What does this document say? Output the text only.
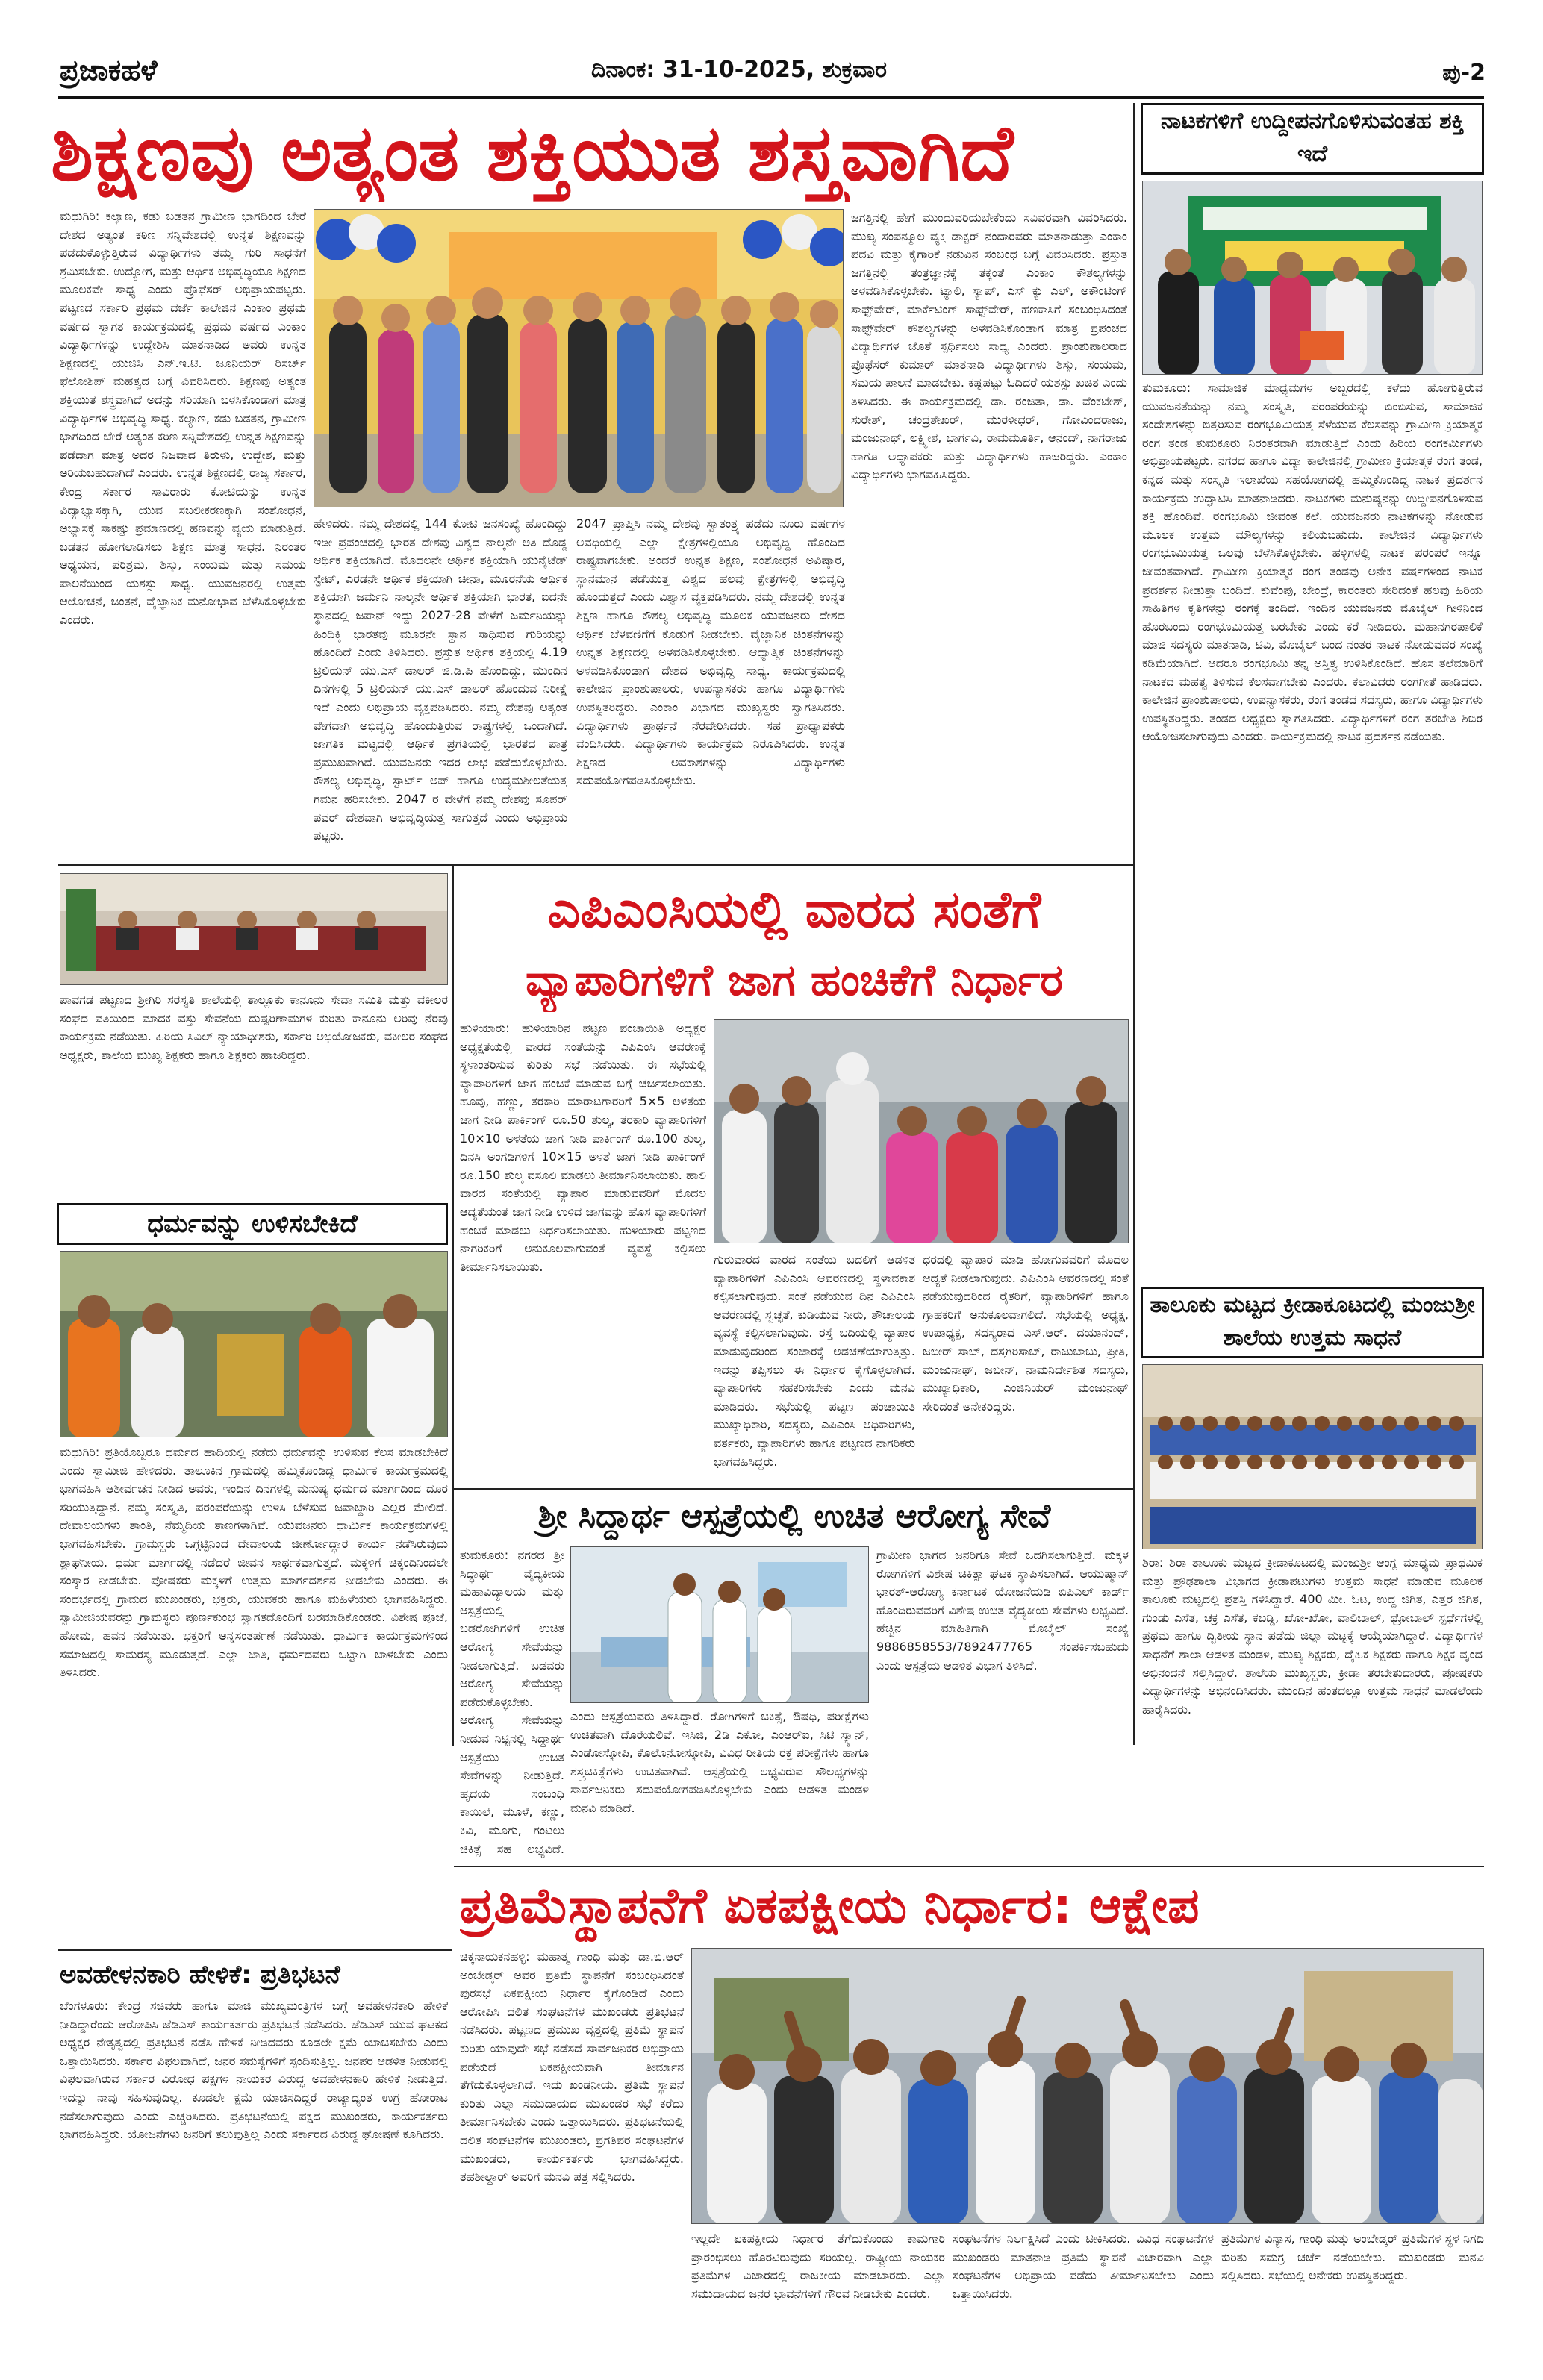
ಪ್ರಜಾಕಹಳೆ	ದಿನಾಂಕ: 31-10-2025, ಶುಕ್ರವಾರ	ಪು-2
ಶಿಕ್ಷಣವು ಅತ್ಯಂತ ಶಕ್ತಿಯುತ ಶಸ್ತ್ರವಾಗಿದೆ
ಮಧುಗಿರಿ: ಕಲ್ಯಾಣ, ಕಡು ಬಡತನ ಗ್ರಾಮೀಣ ಭಾಗದಿಂದ ಬೇರೆ ದೇಶದ ಅತ್ಯಂತ ಕಠಿಣ ಸನ್ನಿವೇಶದಲ್ಲಿ ಉನ್ನತ ಶಿಕ್ಷಣವನ್ನು ಪಡೆದುಕೊಳ್ಳುತ್ತಿರುವ ವಿದ್ಯಾರ್ಥಿಗಳು ತಮ್ಮ ಗುರಿ ಸಾಧನೆಗೆ ಶ್ರಮಿಸಬೇಕು. ಉದ್ಯೋಗ, ಮತ್ತು ಆರ್ಥಿಕ ಅಭಿವೃದ್ಧಿಯೂ ಶಿಕ್ಷಣದ ಮೂಲಕವೇ ಸಾಧ್ಯ ಎಂದು ಪ್ರೊಫೆಸರ್ ಅಭಿಪ್ರಾಯಪಟ್ಟರು. ಪಟ್ಟಣದ ಸರ್ಕಾರಿ ಪ್ರಥಮ ದರ್ಜೆ ಕಾಲೇಜಿನ ಎಂಕಾಂ ಪ್ರಥಮ ವರ್ಷದ ಸ್ವಾಗತ ಕಾರ್ಯಕ್ರಮದಲ್ಲಿ ಪ್ರಥಮ ವರ್ಷದ ಎಂಕಾಂ ವಿದ್ಯಾರ್ಥಿಗಳನ್ನು ಉದ್ದೇಶಿಸಿ ಮಾತನಾಡಿದ ಅವರು ಉನ್ನತ ಶಿಕ್ಷಣದಲ್ಲಿ ಯುಜಿಸಿ ಎನ್.ಇ.ಟಿ. ಜೂನಿಯರ್ ರಿಸರ್ಚ್ ಫೆಲೋಶಿಪ್ ಮಹತ್ವದ ಬಗ್ಗೆ ವಿವರಿಸಿದರು. ಶಿಕ್ಷಣವು ಅತ್ಯಂತ ಶಕ್ತಿಯುತ ಶಸ್ತ್ರವಾಗಿದೆ ಅದನ್ನು ಸರಿಯಾಗಿ ಬಳಸಿಕೊಂಡಾಗ ಮಾತ್ರ ವಿದ್ಯಾರ್ಥಿಗಳ ಅಭಿವೃದ್ಧಿ ಸಾಧ್ಯ. ಕಲ್ಯಾಣ, ಕಡು ಬಡತನ, ಗ್ರಾಮೀಣ ಭಾಗದಿಂದ ಬೇರೆ ಅತ್ಯಂತ ಕಠಿಣ ಸನ್ನಿವೇಶದಲ್ಲಿ ಉನ್ನತ ಶಿಕ್ಷಣವನ್ನು ಪಡೆದಾಗ ಮಾತ್ರ ಅದರ ನಿಜವಾದ ತಿರುಳು, ಉದ್ದೇಶ, ಮತ್ತು ಅರಿಯಬಹುದಾಗಿದೆ ಎಂದರು. ಉನ್ನತ ಶಿಕ್ಷಣದಲ್ಲಿ ರಾಜ್ಯ ಸರ್ಕಾರ, ಕೇಂದ್ರ ಸರ್ಕಾರ ಸಾವಿರಾರು ಕೋಟಿಯನ್ನು ಉನ್ನತ ವಿದ್ಯಾಭ್ಯಾಸಕ್ಕಾಗಿ, ಯುವ ಸಬಲೀಕರಣಕ್ಕಾಗಿ ಸಂಶೋಧನೆ, ಅಭ್ಯಾಸಕ್ಕೆ ಸಾಕಷ್ಟು ಪ್ರಮಾಣದಲ್ಲಿ ಹಣವನ್ನು ವ್ಯಯ ಮಾಡುತ್ತಿದೆ. ಬಡತನ ಹೋಗಲಾಡಿಸಲು ಶಿಕ್ಷಣ ಮಾತ್ರ ಸಾಧನ. ನಿರಂತರ ಅಧ್ಯಯನ, ಪರಿಶ್ರಮ, ಶಿಸ್ತು, ಸಂಯಮ ಮತ್ತು ಸಮಯ ಪಾಲನೆಯಿಂದ ಯಶಸ್ಸು ಸಾಧ್ಯ. ಯುವಜನರಲ್ಲಿ ಉತ್ತಮ ಆಲೋಚನೆ, ಚಿಂತನೆ, ವೈಜ್ಞಾನಿಕ ಮನೋಭಾವ ಬೆಳೆಸಿಕೊಳ್ಳಬೇಕು ಎಂದರು.
ಹೇಳಿದರು. ನಮ್ಮ ದೇಶದಲ್ಲಿ 144 ಕೋಟಿ ಜನಸಂಖ್ಯೆ ಹೊಂದಿದ್ದು ಇಡೀ ಪ್ರಪಂಚದಲ್ಲಿ ಭಾರತ ದೇಶವು ವಿಶ್ವದ ನಾಲ್ಕನೇ ಅತಿ ದೊಡ್ಡ ಆರ್ಥಿಕ ಶಕ್ತಿಯಾಗಿದೆ. ಮೊದಲನೇ ಆರ್ಥಿಕ ಶಕ್ತಿಯಾಗಿ ಯುನೈಟೆಡ್ ಸ್ಟೇಟ್, ಎರಡನೇ ಆರ್ಥಿಕ ಶಕ್ತಿಯಾಗಿ ಚೀನಾ, ಮೂರನೆಯ ಆರ್ಥಿಕ ಶಕ್ತಿಯಾಗಿ ಜರ್ಮನಿ ನಾಲ್ಕನೇ ಆರ್ಥಿಕ ಶಕ್ತಿಯಾಗಿ ಭಾರತ, ಐದನೇ ಸ್ಥಾನದಲ್ಲಿ ಜಪಾನ್ ಇದ್ದು 2027-28 ವೇಳೆಗೆ ಜರ್ಮನಿಯನ್ನು ಹಿಂದಿಕ್ಕಿ ಭಾರತವು ಮೂರನೇ ಸ್ಥಾನ ಸಾಧಿಸುವ ಗುರಿಯನ್ನು ಹೊಂದಿದೆ ಎಂದು ತಿಳಿಸಿದರು. ಪ್ರಸ್ತುತ ಆರ್ಥಿಕ ಶಕ್ತಿಯಲ್ಲಿ 4.19 ಟ್ರಿಲಿಯನ್ ಯು.ಎಸ್ ಡಾಲರ್ ಜಿ.ಡಿ.ಪಿ ಹೊಂದಿದ್ದು, ಮುಂದಿನ ದಿನಗಳಲ್ಲಿ 5 ಟ್ರಿಲಿಯನ್ ಯು.ಎಸ್ ಡಾಲರ್ ಹೊಂದುವ ನಿರೀಕ್ಷೆ ಇದೆ ಎಂದು ಅಭಿಪ್ರಾಯ ವ್ಯಕ್ತಪಡಿಸಿದರು. ನಮ್ಮ ದೇಶವು ಅತ್ಯಂತ ವೇಗವಾಗಿ ಅಭಿವೃದ್ಧಿ ಹೊಂದುತ್ತಿರುವ ರಾಷ್ಟ್ರಗಳಲ್ಲಿ ಒಂದಾಗಿದೆ. ಜಾಗತಿಕ ಮಟ್ಟದಲ್ಲಿ ಆರ್ಥಿಕ ಪ್ರಗತಿಯಲ್ಲಿ ಭಾರತದ ಪಾತ್ರ ಪ್ರಮುಖವಾಗಿದೆ. ಯುವಜನರು ಇದರ ಲಾಭ ಪಡೆದುಕೊಳ್ಳಬೇಕು. ಕೌಶಲ್ಯ ಅಭಿವೃದ್ಧಿ, ಸ್ಟಾರ್ಟ್ ಅಪ್ ಹಾಗೂ ಉದ್ಯಮಶೀಲತೆಯತ್ತ ಗಮನ ಹರಿಸಬೇಕು. 2047 ರ ವೇಳೆಗೆ ನಮ್ಮ ದೇಶವು ಸೂಪರ್ ಪವರ್ ದೇಶವಾಗಿ ಅಭಿವೃದ್ಧಿಯತ್ತ ಸಾಗುತ್ತದೆ ಎಂದು ಅಭಿಪ್ರಾಯ ಪಟ್ಟರು.
2047 ಪ್ರಾಪ್ತಿಸಿ ನಮ್ಮ ದೇಶವು ಸ್ವಾತಂತ್ರ್ಯ ಪಡೆದು ನೂರು ವರ್ಷಗಳ ಅವಧಿಯಲ್ಲಿ ಎಲ್ಲಾ ಕ್ಷೇತ್ರಗಳಲ್ಲಿಯೂ ಅಭಿವೃದ್ಧಿ ಹೊಂದಿದ ರಾಷ್ಟ್ರವಾಗಬೇಕು. ಅಂದರೆ ಉನ್ನತ ಶಿಕ್ಷಣ, ಸಂಶೋಧನೆ ಅವಿಷ್ಕಾರ, ಸ್ಥಾನಮಾನ ಪಡೆಯುತ್ತ ವಿಶ್ವದ ಹಲವು ಕ್ಷೇತ್ರಗಳಲ್ಲಿ ಅಭಿವೃದ್ಧಿ ಹೊಂದುತ್ತದೆ ಎಂದು ವಿಶ್ವಾಸ ವ್ಯಕ್ತಪಡಿಸಿದರು. ನಮ್ಮ ದೇಶದಲ್ಲಿ ಉನ್ನತ ಶಿಕ್ಷಣ ಹಾಗೂ ಕೌಶಲ್ಯ ಅಭಿವೃದ್ಧಿ ಮೂಲಕ ಯುವಜನರು ದೇಶದ ಆರ್ಥಿಕ ಬೆಳವಣಿಗೆಗೆ ಕೊಡುಗೆ ನೀಡಬೇಕು. ವೈಜ್ಞಾನಿಕ ಚಿಂತನೆಗಳನ್ನು ಉನ್ನತ ಶಿಕ್ಷಣದಲ್ಲಿ ಅಳವಡಿಸಿಕೊಳ್ಳಬೇಕು. ಆಧ್ಯಾತ್ಮಿಕ ಚಿಂತನೆಗಳನ್ನು ಅಳವಡಿಸಿಕೊಂಡಾಗ ದೇಶದ ಅಭಿವೃದ್ಧಿ ಸಾಧ್ಯ. ಕಾರ್ಯಕ್ರಮದಲ್ಲಿ ಕಾಲೇಜಿನ ಪ್ರಾಂಶುಪಾಲರು, ಉಪನ್ಯಾಸಕರು ಹಾಗೂ ವಿದ್ಯಾರ್ಥಿಗಳು ಉಪಸ್ಥಿತರಿದ್ದರು. ಎಂಕಾಂ ವಿಭಾಗದ ಮುಖ್ಯಸ್ಥರು ಸ್ವಾಗತಿಸಿದರು. ವಿದ್ಯಾರ್ಥಿಗಳು ಪ್ರಾರ್ಥನೆ ನೆರವೇರಿಸಿದರು. ಸಹ ಪ್ರಾಧ್ಯಾಪಕರು ವಂದಿಸಿದರು. ವಿದ್ಯಾರ್ಥಿಗಳು ಕಾರ್ಯಕ್ರಮ ನಿರೂಪಿಸಿದರು. ಉನ್ನತ ಶಿಕ್ಷಣದ ಅವಕಾಶಗಳನ್ನು ವಿದ್ಯಾರ್ಥಿಗಳು ಸದುಪಯೋಗಪಡಿಸಿಕೊಳ್ಳಬೇಕು.
ಜಗತ್ತಿನಲ್ಲಿ ಹೇಗೆ ಮುಂದುವರಿಯಬೇಕೆಂದು ಸವಿವರವಾಗಿ ವಿವರಿಸಿದರು. ಮುಖ್ಯ ಸಂಪನ್ಮೂಲ ವ್ಯಕ್ತಿ ಡಾಕ್ಟರ್ ನಂದಾರವರು ಮಾತನಾಡುತ್ತಾ ಎಂಕಾಂ ಪದವಿ ಮತ್ತು ಕೈಗಾರಿಕೆ ನಡುವಿನ ಸಂಬಂಧ ಬಗ್ಗೆ ವಿವರಿಸಿದರು. ಪ್ರಸ್ತುತ ಜಗತ್ತಿನಲ್ಲಿ ತಂತ್ರಜ್ಞಾನಕ್ಕೆ ತಕ್ಕಂತೆ ಎಂಕಾಂ ಕೌಶಲ್ಯಗಳನ್ನು ಅಳವಡಿಸಿಕೊಳ್ಳಬೇಕು. ಟ್ಯಾಲಿ, ಸ್ಯಾಪ್, ಎಸ್ ಕ್ಯು ಎಲ್, ಅಕೌಂಟಿಂಗ್ ಸಾಫ್ಟ್‌ವೇರ್, ಮಾರ್ಕೆಟಿಂಗ್ ಸಾಫ್ಟ್‌ವೇರ್, ಹಣಕಾಸಿಗೆ ಸಂಬಂಧಿಸಿದಂತೆ ಸಾಫ್ಟ್‌ವೇರ್ ಕೌಶಲ್ಯಗಳನ್ನು ಅಳವಡಿಸಿಕೊಂಡಾಗ ಮಾತ್ರ ಪ್ರಪಂಚದ ವಿದ್ಯಾರ್ಥಿಗಳ ಜೊತೆ ಸ್ಪರ್ಧಿಸಲು ಸಾಧ್ಯ ಎಂದರು. ಪ್ರಾಂಶುಪಾಲರಾದ ಪ್ರೊಫೆಸರ್ ಕುಮಾರ್ ಮಾತನಾಡಿ ವಿದ್ಯಾರ್ಥಿಗಳು ಶಿಸ್ತು, ಸಂಯಮ, ಸಮಯ ಪಾಲನೆ ಮಾಡಬೇಕು. ಕಷ್ಟಪಟ್ಟು ಓದಿದರೆ ಯಶಸ್ಸು ಖಚಿತ ಎಂದು ತಿಳಿಸಿದರು. ಈ ಕಾರ್ಯಕ್ರಮದಲ್ಲಿ ಡಾ. ರಂಜಿತಾ, ಡಾ. ವೆಂಕಟೇಶ್, ಸುರೇಶ್, ಚಂದ್ರಶೇಖರ್, ಮುರಳೀಧರ್, ಗೋವಿಂದರಾಜು, ಮಂಜುನಾಥ್, ಲಕ್ಷ್ಮೀಶ, ಭಾರ್ಗವಿ, ರಾಮಮೂರ್ತಿ, ಆನಂದ್, ನಾಗರಾಜು ಹಾಗೂ ಅಧ್ಯಾಪಕರು ಮತ್ತು ವಿದ್ಯಾರ್ಥಿಗಳು ಹಾಜರಿದ್ದರು. ಎಂಕಾಂ ವಿದ್ಯಾರ್ಥಿಗಳು ಭಾಗವಹಿಸಿದ್ದರು.
ನಾಟಕಗಳಿಗೆ ಉದ್ದೀಪನಗೊಳಿಸುವಂತಹ ಶಕ್ತಿ ಇದೆ
ತುಮಕೂರು: ಸಾಮಾಜಿಕ ಮಾಧ್ಯಮಗಳ ಅಬ್ಬರದಲ್ಲಿ ಕಳೆದು ಹೋಗುತ್ತಿರುವ ಯುವಜನತೆಯನ್ನು ನಮ್ಮ ಸಂಸ್ಕೃತಿ, ಪರಂಪರೆಯನ್ನು ಬಿಂಬಿಸುವ, ಸಾಮಾಜಿಕ ಸಂದೇಶಗಳನ್ನು ಬಿತ್ತರಿಸುವ ರಂಗಭೂಮಿಯತ್ತ ಸೆಳೆಯುವ ಕೆಲಸವನ್ನು ಗ್ರಾಮೀಣ ಕ್ರಿಯಾತ್ಮಕ ರಂಗ ತಂಡ ತುಮಕೂರು ನಿರಂತರವಾಗಿ ಮಾಡುತ್ತಿದೆ ಎಂದು ಹಿರಿಯ ರಂಗಕರ್ಮಿಗಳು ಅಭಿಪ್ರಾಯಪಟ್ಟರು. ನಗರದ ಹಾಗೂ ವಿದ್ಯಾ ಕಾಲೇಜಿನಲ್ಲಿ ಗ್ರಾಮೀಣ ಕ್ರಿಯಾತ್ಮಕ ರಂಗ ತಂಡ, ಕನ್ನಡ ಮತ್ತು ಸಂಸ್ಕೃತಿ ಇಲಾಖೆಯ ಸಹಯೋಗದಲ್ಲಿ ಹಮ್ಮಿಕೊಂಡಿದ್ದ ನಾಟಕ ಪ್ರದರ್ಶನ ಕಾರ್ಯಕ್ರಮ ಉದ್ಘಾಟಿಸಿ ಮಾತನಾಡಿದರು. ನಾಟಕಗಳು ಮನುಷ್ಯನನ್ನು ಉದ್ದೀಪನಗೊಳಿಸುವ ಶಕ್ತಿ ಹೊಂದಿವೆ. ರಂಗಭೂಮಿ ಜೀವಂತ ಕಲೆ. ಯುವಜನರು ನಾಟಕಗಳನ್ನು ನೋಡುವ ಮೂಲಕ ಉತ್ತಮ ಮೌಲ್ಯಗಳನ್ನು ಕಲಿಯಬಹುದು. ಕಾಲೇಜಿನ ವಿದ್ಯಾರ್ಥಿಗಳು ರಂಗಭೂಮಿಯತ್ತ ಒಲವು ಬೆಳೆಸಿಕೊಳ್ಳಬೇಕು. ಹಳ್ಳಿಗಳಲ್ಲಿ ನಾಟಕ ಪರಂಪರೆ ಇನ್ನೂ ಜೀವಂತವಾಗಿದೆ. ಗ್ರಾಮೀಣ ಕ್ರಿಯಾತ್ಮಕ ರಂಗ ತಂಡವು ಅನೇಕ ವರ್ಷಗಳಿಂದ ನಾಟಕ ಪ್ರದರ್ಶನ ನೀಡುತ್ತಾ ಬಂದಿದೆ. ಕುವೆಂಪು, ಬೇಂದ್ರೆ, ಕಾರಂತರು ಸೇರಿದಂತೆ ಹಲವು ಹಿರಿಯ ಸಾಹಿತಿಗಳ ಕೃತಿಗಳನ್ನು ರಂಗಕ್ಕೆ ತಂದಿದೆ. ಇಂದಿನ ಯುವಜನರು ಮೊಬೈಲ್ ಗೀಳಿನಿಂದ ಹೊರಬಂದು ರಂಗಭೂಮಿಯತ್ತ ಬರಬೇಕು ಎಂದು ಕರೆ ನೀಡಿದರು. ಮಹಾನಗರಪಾಲಿಕೆ ಮಾಜಿ ಸದಸ್ಯರು ಮಾತನಾಡಿ, ಟಿವಿ, ಮೊಬೈಲ್ ಬಂದ ನಂತರ ನಾಟಕ ನೋಡುವವರ ಸಂಖ್ಯೆ ಕಡಿಮೆಯಾಗಿದೆ. ಆದರೂ ರಂಗಭೂಮಿ ತನ್ನ ಅಸ್ತಿತ್ವ ಉಳಿಸಿಕೊಂಡಿದೆ. ಹೊಸ ತಲೆಮಾರಿಗೆ ನಾಟಕದ ಮಹತ್ವ ತಿಳಿಸುವ ಕೆಲಸವಾಗಬೇಕು ಎಂದರು. ಕಲಾವಿದರು ರಂಗಗೀತೆ ಹಾಡಿದರು. ಕಾಲೇಜಿನ ಪ್ರಾಂಶುಪಾಲರು, ಉಪನ್ಯಾಸಕರು, ರಂಗ ತಂಡದ ಸದಸ್ಯರು, ಹಾಗೂ ವಿದ್ಯಾರ್ಥಿಗಳು ಉಪಸ್ಥಿತರಿದ್ದರು. ತಂಡದ ಅಧ್ಯಕ್ಷರು ಸ್ವಾಗತಿಸಿದರು. ವಿದ್ಯಾರ್ಥಿಗಳಿಗೆ ರಂಗ ತರಬೇತಿ ಶಿಬಿರ ಆಯೋಜಿಸಲಾಗುವುದು ಎಂದರು. ಕಾರ್ಯಕ್ರಮದಲ್ಲಿ ನಾಟಕ ಪ್ರದರ್ಶನ ನಡೆಯಿತು.
ಪಾವಗಡ ಪಟ್ಟಣದ ಶ್ರೀಗಿರಿ ಸರಸ್ವತಿ ಶಾಲೆಯಲ್ಲಿ ತಾಲ್ಲೂಕು ಕಾನೂನು ಸೇವಾ ಸಮಿತಿ ಮತ್ತು ವಕೀಲರ ಸಂಘದ ವತಿಯಿಂದ ಮಾದಕ ವಸ್ತು ಸೇವನೆಯ ದುಷ್ಪರಿಣಾಮಗಳ ಕುರಿತು ಕಾನೂನು ಅರಿವು ನೆರವು ಕಾರ್ಯಕ್ರಮ ನಡೆಯಿತು. ಹಿರಿಯ ಸಿವಿಲ್ ನ್ಯಾಯಾಧೀಶರು, ಸರ್ಕಾರಿ ಅಭಿಯೋಜಕರು, ವಕೀಲರ ಸಂಘದ ಅಧ್ಯಕ್ಷರು, ಶಾಲೆಯ ಮುಖ್ಯ ಶಿಕ್ಷಕರು ಹಾಗೂ ಶಿಕ್ಷಕರು ಹಾಜರಿದ್ದರು.
ಧರ್ಮವನ್ನು ಉಳಿಸಬೇಕಿದೆ
ಮಧುಗಿರಿ: ಪ್ರತಿಯೊಬ್ಬರೂ ಧರ್ಮದ ಹಾದಿಯಲ್ಲಿ ನಡೆದು ಧರ್ಮವನ್ನು ಉಳಿಸುವ ಕೆಲಸ ಮಾಡಬೇಕಿದೆ ಎಂದು ಸ್ವಾಮೀಜಿ ಹೇಳಿದರು. ತಾಲೂಕಿನ ಗ್ರಾಮದಲ್ಲಿ ಹಮ್ಮಿಕೊಂಡಿದ್ದ ಧಾರ್ಮಿಕ ಕಾರ್ಯಕ್ರಮದಲ್ಲಿ ಭಾಗವಹಿಸಿ ಆಶೀರ್ವಚನ ನೀಡಿದ ಅವರು, ಇಂದಿನ ದಿನಗಳಲ್ಲಿ ಮನುಷ್ಯ ಧರ್ಮದ ಮಾರ್ಗದಿಂದ ದೂರ ಸರಿಯುತ್ತಿದ್ದಾನೆ. ನಮ್ಮ ಸಂಸ್ಕೃತಿ, ಪರಂಪರೆಯನ್ನು ಉಳಿಸಿ ಬೆಳೆಸುವ ಜವಾಬ್ದಾರಿ ಎಲ್ಲರ ಮೇಲಿದೆ. ದೇವಾಲಯಗಳು ಶಾಂತಿ, ನೆಮ್ಮದಿಯ ತಾಣಗಳಾಗಿವೆ. ಯುವಜನರು ಧಾರ್ಮಿಕ ಕಾರ್ಯಕ್ರಮಗಳಲ್ಲಿ ಭಾಗವಹಿಸಬೇಕು. ಗ್ರಾಮಸ್ಥರು ಒಗ್ಗಟ್ಟಿನಿಂದ ದೇವಾಲಯ ಜೀರ್ಣೋದ್ಧಾರ ಕಾರ್ಯ ನಡೆಸಿರುವುದು ಶ್ಲಾಘನೀಯ. ಧರ್ಮ ಮಾರ್ಗದಲ್ಲಿ ನಡೆದರೆ ಜೀವನ ಸಾರ್ಥಕವಾಗುತ್ತದೆ. ಮಕ್ಕಳಿಗೆ ಚಿಕ್ಕಂದಿನಿಂದಲೇ ಸಂಸ್ಕಾರ ನೀಡಬೇಕು. ಪೋಷಕರು ಮಕ್ಕಳಿಗೆ ಉತ್ತಮ ಮಾರ್ಗದರ್ಶನ ನೀಡಬೇಕು ಎಂದರು. ಈ ಸಂದರ್ಭದಲ್ಲಿ ಗ್ರಾಮದ ಮುಖಂಡರು, ಭಕ್ತರು, ಯುವಕರು ಹಾಗೂ ಮಹಿಳೆಯರು ಭಾಗವಹಿಸಿದ್ದರು. ಸ್ವಾಮೀಜಿಯವರನ್ನು ಗ್ರಾಮಸ್ಥರು ಪೂರ್ಣಕುಂಭ ಸ್ವಾಗತದೊಂದಿಗೆ ಬರಮಾಡಿಕೊಂಡರು. ವಿಶೇಷ ಪೂಜೆ, ಹೋಮ, ಹವನ ನಡೆಯಿತು. ಭಕ್ತರಿಗೆ ಅನ್ನಸಂತರ್ಪಣೆ ನಡೆಯಿತು. ಧಾರ್ಮಿಕ ಕಾರ್ಯಕ್ರಮಗಳಿಂದ ಸಮಾಜದಲ್ಲಿ ಸಾಮರಸ್ಯ ಮೂಡುತ್ತದೆ. ಎಲ್ಲಾ ಜಾತಿ, ಧರ್ಮದವರು ಒಟ್ಟಾಗಿ ಬಾಳಬೇಕು ಎಂದು ತಿಳಿಸಿದರು.
ಅವಹೇಳನಕಾರಿ ಹೇಳಿಕೆ: ಪ್ರತಿಭಟನೆ
ಬೆಂಗಳೂರು: ಕೇಂದ್ರ ಸಚಿವರು ಹಾಗೂ ಮಾಜಿ ಮುಖ್ಯಮಂತ್ರಿಗಳ ಬಗ್ಗೆ ಅವಹೇಳನಕಾರಿ ಹೇಳಿಕೆ ನೀಡಿದ್ದಾರೆಂದು ಆರೋಪಿಸಿ ಜೆಡಿಎಸ್ ಕಾರ್ಯಕರ್ತರು ಪ್ರತಿಭಟನೆ ನಡೆಸಿದರು. ಜೆಡಿಎಸ್ ಯುವ ಘಟಕದ ಅಧ್ಯಕ್ಷರ ನೇತೃತ್ವದಲ್ಲಿ ಪ್ರತಿಭಟನೆ ನಡೆಸಿ ಹೇಳಿಕೆ ನೀಡಿದವರು ಕೂಡಲೇ ಕ್ಷಮೆ ಯಾಚಿಸಬೇಕು ಎಂದು ಒತ್ತಾಯಿಸಿದರು. ಸರ್ಕಾರ ವಿಫಲವಾಗಿದೆ, ಜನರ ಸಮಸ್ಯೆಗಳಿಗೆ ಸ್ಪಂದಿಸುತ್ತಿಲ್ಲ. ಜನಪರ ಆಡಳಿತ ನೀಡುವಲ್ಲಿ ವಿಫಲವಾಗಿರುವ ಸರ್ಕಾರ ವಿರೋಧ ಪಕ್ಷಗಳ ನಾಯಕರ ವಿರುದ್ಧ ಅವಹೇಳನಕಾರಿ ಹೇಳಿಕೆ ನೀಡುತ್ತಿದೆ. ಇದನ್ನು ನಾವು ಸಹಿಸುವುದಿಲ್ಲ. ಕೂಡಲೇ ಕ್ಷಮೆ ಯಾಚಿಸದಿದ್ದರೆ ರಾಜ್ಯಾದ್ಯಂತ ಉಗ್ರ ಹೋರಾಟ ನಡೆಸಲಾಗುವುದು ಎಂದು ಎಚ್ಚರಿಸಿದರು. ಪ್ರತಿಭಟನೆಯಲ್ಲಿ ಪಕ್ಷದ ಮುಖಂಡರು, ಕಾರ್ಯಕರ್ತರು ಭಾಗವಹಿಸಿದ್ದರು. ಯೋಜನೆಗಳು ಜನರಿಗೆ ತಲುಪುತ್ತಿಲ್ಲ ಎಂದು ಸರ್ಕಾರದ ವಿರುದ್ಧ ಘೋಷಣೆ ಕೂಗಿದರು.
ಎಪಿಎಂಸಿಯಲ್ಲಿ ವಾರದ ಸಂತೆಗೆ
ವ್ಯಾಪಾರಿಗಳಿಗೆ ಜಾಗ ಹಂಚಿಕೆಗೆ ನಿರ್ಧಾರ
ಹುಳಿಯಾರು: ಹುಳಿಯಾರಿನ ಪಟ್ಟಣ ಪಂಚಾಯಿತಿ ಅಧ್ಯಕ್ಷರ ಅಧ್ಯಕ್ಷತೆಯಲ್ಲಿ ವಾರದ ಸಂತೆಯನ್ನು ಎಪಿಎಂಸಿ ಆವರಣಕ್ಕೆ ಸ್ಥಳಾಂತರಿಸುವ ಕುರಿತು ಸಭೆ ನಡೆಯಿತು. ಈ ಸಭೆಯಲ್ಲಿ ವ್ಯಾಪಾರಿಗಳಿಗೆ ಜಾಗ ಹಂಚಿಕೆ ಮಾಡುವ ಬಗ್ಗೆ ಚರ್ಚಿಸಲಾಯಿತು. ಹೂವು, ಹಣ್ಣು, ತರಕಾರಿ ಮಾರಾಟಗಾರರಿಗೆ 5×5 ಅಳತೆಯ ಜಾಗ ನೀಡಿ ಪಾರ್ಕಿಂಗ್ ರೂ.50 ಶುಲ್ಕ, ತರಕಾರಿ ವ್ಯಾಪಾರಿಗಳಿಗೆ 10×10 ಅಳತೆಯ ಜಾಗ ನೀಡಿ ಪಾರ್ಕಿಂಗ್ ರೂ.100 ಶುಲ್ಕ, ದಿನಸಿ ಅಂಗಡಿಗಳಿಗೆ 10×15 ಅಳತೆ ಜಾಗ ನೀಡಿ ಪಾರ್ಕಿಂಗ್ ರೂ.150 ಶುಲ್ಕ ವಸೂಲಿ ಮಾಡಲು ತೀರ್ಮಾನಿಸಲಾಯಿತು. ಹಾಲಿ ವಾರದ ಸಂತೆಯಲ್ಲಿ ವ್ಯಾಪಾರ ಮಾಡುವವರಿಗೆ ಮೊದಲ ಆದ್ಯತೆಯಂತೆ ಜಾಗ ನೀಡಿ ಉಳಿದ ಜಾಗವನ್ನು ಹೊಸ ವ್ಯಾಪಾರಿಗಳಿಗೆ ಹಂಚಿಕೆ ಮಾಡಲು ನಿರ್ಧರಿಸಲಾಯಿತು. ಹುಳಿಯಾರು ಪಟ್ಟಣದ ನಾಗರಿಕರಿಗೆ ಅನುಕೂಲವಾಗುವಂತೆ ವ್ಯವಸ್ಥೆ ಕಲ್ಪಿಸಲು ತೀರ್ಮಾನಿಸಲಾಯಿತು.
ಗುರುವಾರದ ವಾರದ ಸಂತೆಯ ಬದಲಿಗೆ ಆಡಳಿತ ವ್ಯಾಪಾರಿಗಳಿಗೆ ಎಪಿಎಂಸಿ ಆವರಣದಲ್ಲಿ ಸ್ಥಳಾವಕಾಶ ಕಲ್ಪಿಸಲಾಗುವುದು. ಸಂತೆ ನಡೆಯುವ ದಿನ ಎಪಿಎಂಸಿ ಆವರಣದಲ್ಲಿ ಸ್ವಚ್ಛತೆ, ಕುಡಿಯುವ ನೀರು, ಶೌಚಾಲಯ ವ್ಯವಸ್ಥೆ ಕಲ್ಪಿಸಲಾಗುವುದು. ರಸ್ತೆ ಬದಿಯಲ್ಲಿ ವ್ಯಾಪಾರ ಮಾಡುವುದರಿಂದ ಸಂಚಾರಕ್ಕೆ ಅಡಚಣೆಯಾಗುತ್ತಿತ್ತು. ಇದನ್ನು ತಪ್ಪಿಸಲು ಈ ನಿರ್ಧಾರ ಕೈಗೊಳ್ಳಲಾಗಿದೆ. ವ್ಯಾಪಾರಿಗಳು ಸಹಕರಿಸಬೇಕು ಎಂದು ಮನವಿ ಮಾಡಿದರು. ಸಭೆಯಲ್ಲಿ ಪಟ್ಟಣ ಪಂಚಾಯಿತಿ ಮುಖ್ಯಾಧಿಕಾರಿ, ಸದಸ್ಯರು, ಎಪಿಎಂಸಿ ಅಧಿಕಾರಿಗಳು, ವರ್ತಕರು, ವ್ಯಾಪಾರಿಗಳು ಹಾಗೂ ಪಟ್ಟಣದ ನಾಗರಿಕರು ಭಾಗವಹಿಸಿದ್ದರು.
ಧರದಲ್ಲಿ ವ್ಯಾಪಾರ ಮಾಡಿ ಹೋಗುವವರಿಗೆ ಮೊದಲ ಆದ್ಯತೆ ನೀಡಲಾಗುವುದು. ಎಪಿಎಂಸಿ ಆವರಣದಲ್ಲಿ ಸಂತೆ ನಡೆಯುವುದರಿಂದ ರೈತರಿಗೆ, ವ್ಯಾಪಾರಿಗಳಿಗೆ ಹಾಗೂ ಗ್ರಾಹಕರಿಗೆ ಅನುಕೂಲವಾಗಲಿದೆ. ಸಭೆಯಲ್ಲಿ ಅಧ್ಯಕ್ಷ, ಉಪಾಧ್ಯಕ್ಷ, ಸದಸ್ಯರಾದ ಎಸ್.ಆರ್. ದಯಾನಂದ್, ಜಬೀರ್ ಸಾಬ್, ದಸ್ತಗಿರಿಸಾಬ್, ರಾಜುಬಾಬು, ಪ್ರೀತಿ, ಮಂಜುನಾಥ್, ಜಬೀನ್, ನಾಮನಿರ್ದೇಶಿತ ಸದಸ್ಯರು, ಮುಖ್ಯಾಧಿಕಾರಿ, ಎಂಜಿನಿಯರ್ ಮಂಜುನಾಥ್ ಸೇರಿದಂತೆ ಅನೇಕರಿದ್ದರು.
ಶ್ರೀ ಸಿದ್ಧಾರ್ಥ ಆಸ್ಪತ್ರೆಯಲ್ಲಿ ಉಚಿತ ಆರೋಗ್ಯ ಸೇವೆ
ತುಮಕೂರು: ನಗರದ ಶ್ರೀ ಸಿದ್ಧಾರ್ಥ ವೈದ್ಯಕೀಯ ಮಹಾವಿದ್ಯಾಲಯ ಮತ್ತು ಆಸ್ಪತ್ರೆಯಲ್ಲಿ ಬಡರೋಗಿಗಳಿಗೆ ಉಚಿತ ಆರೋಗ್ಯ ಸೇವೆಯನ್ನು ನೀಡಲಾಗುತ್ತಿದೆ. ಬಡವರು ಆರೋಗ್ಯ ಸೇವೆಯನ್ನು ಪಡೆದುಕೊಳ್ಳಬೇಕು. ಆರೋಗ್ಯ ಸೇವೆಯನ್ನು ನೀಡುವ ನಿಟ್ಟಿನಲ್ಲಿ ಸಿದ್ಧಾರ್ಥ ಆಸ್ಪತ್ರೆಯು ಉಚಿತ ಸೇವೆಗಳನ್ನು ನೀಡುತ್ತಿದೆ. ಹೃದಯ ಸಂಬಂಧಿ ಕಾಯಿಲೆ, ಮೂಳೆ, ಕಣ್ಣು, ಕಿವಿ, ಮೂಗು, ಗಂಟಲು ಚಿಕಿತ್ಸೆ ಸಹ ಲಭ್ಯವಿದೆ.
ಎಂದು ಆಸ್ಪತ್ರೆಯವರು ತಿಳಿಸಿದ್ದಾರೆ. ರೋಗಿಗಳಿಗೆ ಚಿಕಿತ್ಸೆ, ಔಷಧಿ, ಪರೀಕ್ಷೆಗಳು ಉಚಿತವಾಗಿ ದೊರೆಯಲಿವೆ. ಇಸಿಜಿ, 2ಡಿ ಎಕೋ, ಎಂಆರ್‌ಐ, ಸಿಟಿ ಸ್ಕ್ಯಾನ್, ಎಂಡೋಸ್ಕೋಪಿ, ಕೊಲೊನೋಸ್ಕೋಪಿ, ವಿವಿಧ ರೀತಿಯ ರಕ್ತ ಪರೀಕ್ಷೆಗಳು ಹಾಗೂ ಶಸ್ತ್ರಚಿಕಿತ್ಸೆಗಳು ಉಚಿತವಾಗಿವೆ. ಆಸ್ಪತ್ರೆಯಲ್ಲಿ ಲಭ್ಯವಿರುವ ಸೌಲಭ್ಯಗಳನ್ನು ಸಾರ್ವಜನಿಕರು ಸದುಪಯೋಗಪಡಿಸಿಕೊಳ್ಳಬೇಕು ಎಂದು ಆಡಳಿತ ಮಂಡಳಿ ಮನವಿ ಮಾಡಿದೆ.
ಗ್ರಾಮೀಣ ಭಾಗದ ಜನರಿಗೂ ಸೇವೆ ಒದಗಿಸಲಾಗುತ್ತಿದೆ. ಮಕ್ಕಳ ರೋಗಗಳಿಗೆ ವಿಶೇಷ ಚಿಕಿತ್ಸಾ ಘಟಕ ಸ್ಥಾಪಿಸಲಾಗಿದೆ. ಆಯುಷ್ಮಾನ್ ಭಾರತ್-ಆರೋಗ್ಯ ಕರ್ನಾಟಕ ಯೋಜನೆಯಡಿ ಬಿಪಿಎಲ್ ಕಾರ್ಡ್ ಹೊಂದಿರುವವರಿಗೆ ವಿಶೇಷ ಉಚಿತ ವೈದ್ಯಕೀಯ ಸೇವೆಗಳು ಲಭ್ಯವಿದೆ. ಹೆಚ್ಚಿನ ಮಾಹಿತಿಗಾಗಿ ಮೊಬೈಲ್ ಸಂಖ್ಯೆ 9886858553/7892477765 ಸಂಪರ್ಕಿಸಬಹುದು ಎಂದು ಆಸ್ಪತ್ರೆಯ ಆಡಳಿತ ವಿಭಾಗ ತಿಳಿಸಿದೆ.
ತಾಲೂಕು ಮಟ್ಟದ ಕ್ರೀಡಾಕೂಟದಲ್ಲಿ ಮಂಜುಶ್ರೀ ಶಾಲೆಯ ಉತ್ತಮ ಸಾಧನೆ
ಶಿರಾ: ಶಿರಾ ತಾಲೂಕು ಮಟ್ಟದ ಕ್ರೀಡಾಕೂಟದಲ್ಲಿ ಮಂಜುಶ್ರೀ ಆಂಗ್ಲ ಮಾಧ್ಯಮ ಪ್ರಾಥಮಿಕ ಮತ್ತು ಪ್ರೌಢಶಾಲಾ ವಿಭಾಗದ ಕ್ರೀಡಾಪಟುಗಳು ಉತ್ತಮ ಸಾಧನೆ ಮಾಡುವ ಮೂಲಕ ತಾಲೂಕು ಮಟ್ಟದಲ್ಲಿ ಪ್ರಶಸ್ತಿ ಗಳಿಸಿದ್ದಾರೆ. 400 ಮೀ. ಓಟ, ಉದ್ದ ಜಿಗಿತ, ಎತ್ತರ ಜಿಗಿತ, ಗುಂಡು ಎಸೆತ, ಚಕ್ರ ಎಸೆತ, ಕಬಡ್ಡಿ, ಖೋ-ಖೋ, ವಾಲಿಬಾಲ್, ಥ್ರೋಬಾಲ್ ಸ್ಪರ್ಧೆಗಳಲ್ಲಿ ಪ್ರಥಮ ಹಾಗೂ ದ್ವಿತೀಯ ಸ್ಥಾನ ಪಡೆದು ಜಿಲ್ಲಾ ಮಟ್ಟಕ್ಕೆ ಆಯ್ಕೆಯಾಗಿದ್ದಾರೆ. ವಿದ್ಯಾರ್ಥಿಗಳ ಸಾಧನೆಗೆ ಶಾಲಾ ಆಡಳಿತ ಮಂಡಳಿ, ಮುಖ್ಯ ಶಿಕ್ಷಕರು, ದೈಹಿಕ ಶಿಕ್ಷಕರು ಹಾಗೂ ಶಿಕ್ಷಕ ವೃಂದ ಅಭಿನಂದನೆ ಸಲ್ಲಿಸಿದ್ದಾರೆ. ಶಾಲೆಯ ಮುಖ್ಯಸ್ಥರು, ಕ್ರೀಡಾ ತರಬೇತುದಾರರು, ಪೋಷಕರು ವಿದ್ಯಾರ್ಥಿಗಳನ್ನು ಅಭಿನಂದಿಸಿದರು. ಮುಂದಿನ ಹಂತದಲ್ಲೂ ಉತ್ತಮ ಸಾಧನೆ ಮಾಡಲೆಂದು ಹಾರೈಸಿದರು.
ಪ್ರತಿಮೆಸ್ಥಾಪನೆಗೆ ಏಕಪಕ್ಷೀಯ ನಿರ್ಧಾರ: ಆಕ್ಷೇಪ
ಚಿಕ್ಕನಾಯಕನಹಳ್ಳಿ: ಮಹಾತ್ಮ ಗಾಂಧಿ ಮತ್ತು ಡಾ.ಬಿ.ಆರ್ ಅಂಬೇಡ್ಕರ್ ಅವರ ಪ್ರತಿಮೆ ಸ್ಥಾಪನೆಗೆ ಸಂಬಂಧಿಸಿದಂತೆ ಪುರಸಭೆ ಏಕಪಕ್ಷೀಯ ನಿರ್ಧಾರ ಕೈಗೊಂಡಿದೆ ಎಂದು ಆರೋಪಿಸಿ ದಲಿತ ಸಂಘಟನೆಗಳ ಮುಖಂಡರು ಪ್ರತಿಭಟನೆ ನಡೆಸಿದರು. ಪಟ್ಟಣದ ಪ್ರಮುಖ ವೃತ್ತದಲ್ಲಿ ಪ್ರತಿಮೆ ಸ್ಥಾಪನೆ ಕುರಿತು ಯಾವುದೇ ಸಭೆ ನಡೆಸದೆ ಸಾರ್ವಜನಿಕರ ಅಭಿಪ್ರಾಯ ಪಡೆಯದೆ ಏಕಪಕ್ಷೀಯವಾಗಿ ತೀರ್ಮಾನ ತೆಗೆದುಕೊಳ್ಳಲಾಗಿದೆ. ಇದು ಖಂಡನೀಯ. ಪ್ರತಿಮೆ ಸ್ಥಾಪನೆ ಕುರಿತು ಎಲ್ಲಾ ಸಮುದಾಯದ ಮುಖಂಡರ ಸಭೆ ಕರೆದು ತೀರ್ಮಾನಿಸಬೇಕು ಎಂದು ಒತ್ತಾಯಿಸಿದರು. ಪ್ರತಿಭಟನೆಯಲ್ಲಿ ದಲಿತ ಸಂಘಟನೆಗಳ ಮುಖಂಡರು, ಪ್ರಗತಿಪರ ಸಂಘಟನೆಗಳ ಮುಖಂಡರು, ಕಾರ್ಯಕರ್ತರು ಭಾಗವಹಿಸಿದ್ದರು. ತಹಶೀಲ್ದಾರ್ ಅವರಿಗೆ ಮನವಿ ಪತ್ರ ಸಲ್ಲಿಸಿದರು.
ಇಲ್ಲದೇ ಏಕಪಕ್ಷೀಯ ನಿರ್ಧಾರ ತೆಗೆದುಕೊಂಡು ಕಾಮಗಾರಿ ಪ್ರಾರಂಭಿಸಲು ಹೊರಟಿರುವುದು ಸರಿಯಲ್ಲ. ರಾಷ್ಟ್ರೀಯ ನಾಯಕರ ಪ್ರತಿಮೆಗಳ ವಿಚಾರದಲ್ಲಿ ರಾಜಕೀಯ ಮಾಡಬಾರದು. ಎಲ್ಲಾ ಸಮುದಾಯದ ಜನರ ಭಾವನೆಗಳಿಗೆ ಗೌರವ ನೀಡಬೇಕು ಎಂದರು.
ಸಂಘಟನೆಗಳ ನಿರ್ಲಕ್ಷಿಸಿದೆ ಎಂದು ಟೀಕಿಸಿದರು. ವಿವಿಧ ಸಂಘಟನೆಗಳ ಮುಖಂಡರು ಮಾತನಾಡಿ ಪ್ರತಿಮೆ ಸ್ಥಾಪನೆ ವಿಚಾರವಾಗಿ ಎಲ್ಲಾ ಸಂಘಟನೆಗಳ ಅಭಿಪ್ರಾಯ ಪಡೆದು ತೀರ್ಮಾನಿಸಬೇಕು ಎಂದು ಒತ್ತಾಯಿಸಿದರು.
ಪ್ರತಿಮೆಗಳ ವಿನ್ಯಾಸ, ಗಾಂಧಿ ಮತ್ತು ಅಂಬೇಡ್ಕರ್ ಪ್ರತಿಮೆಗಳ ಸ್ಥಳ ನಿಗದಿ ಕುರಿತು ಸಮಗ್ರ ಚರ್ಚೆ ನಡೆಯಬೇಕು. ಮುಖಂಡರು ಮನವಿ ಸಲ್ಲಿಸಿದರು. ಸಭೆಯಲ್ಲಿ ಅನೇಕರು ಉಪಸ್ಥಿತರಿದ್ದರು.
